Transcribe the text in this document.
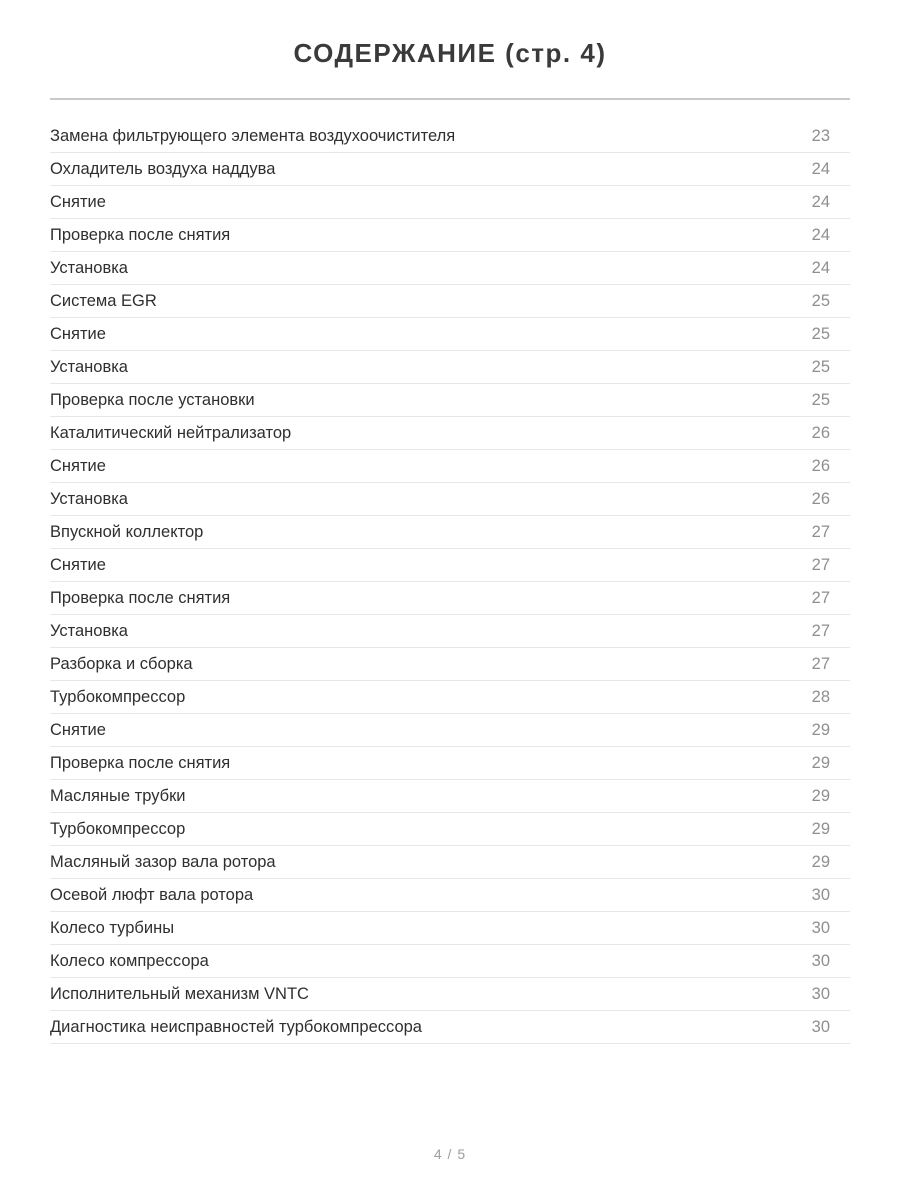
СОДЕРЖАНИЕ (стр. 4)
Замена фильтрующего элемента воздухоочистителя	23
Охладитель воздуха наддува	24
Снятие	24
Проверка после снятия	24
Установка	24
Система EGR	25
Снятие	25
Установка	25
Проверка после установки	25
Каталитический нейтрализатор	26
Снятие	26
Установка	26
Впускной коллектор	27
Снятие	27
Проверка после снятия	27
Установка	27
Разборка и сборка	27
Турбокомпрессор	28
Снятие	29
Проверка после снятия	29
Масляные трубки	29
Турбокомпрессор	29
Масляный зазор вала ротора	29
Осевой люфт вала ротора	30
Колесо турбины	30
Колесо компрессора	30
Исполнительный механизм VNTC	30
Диагностика неисправностей турбокомпрессора	30
4 / 5
